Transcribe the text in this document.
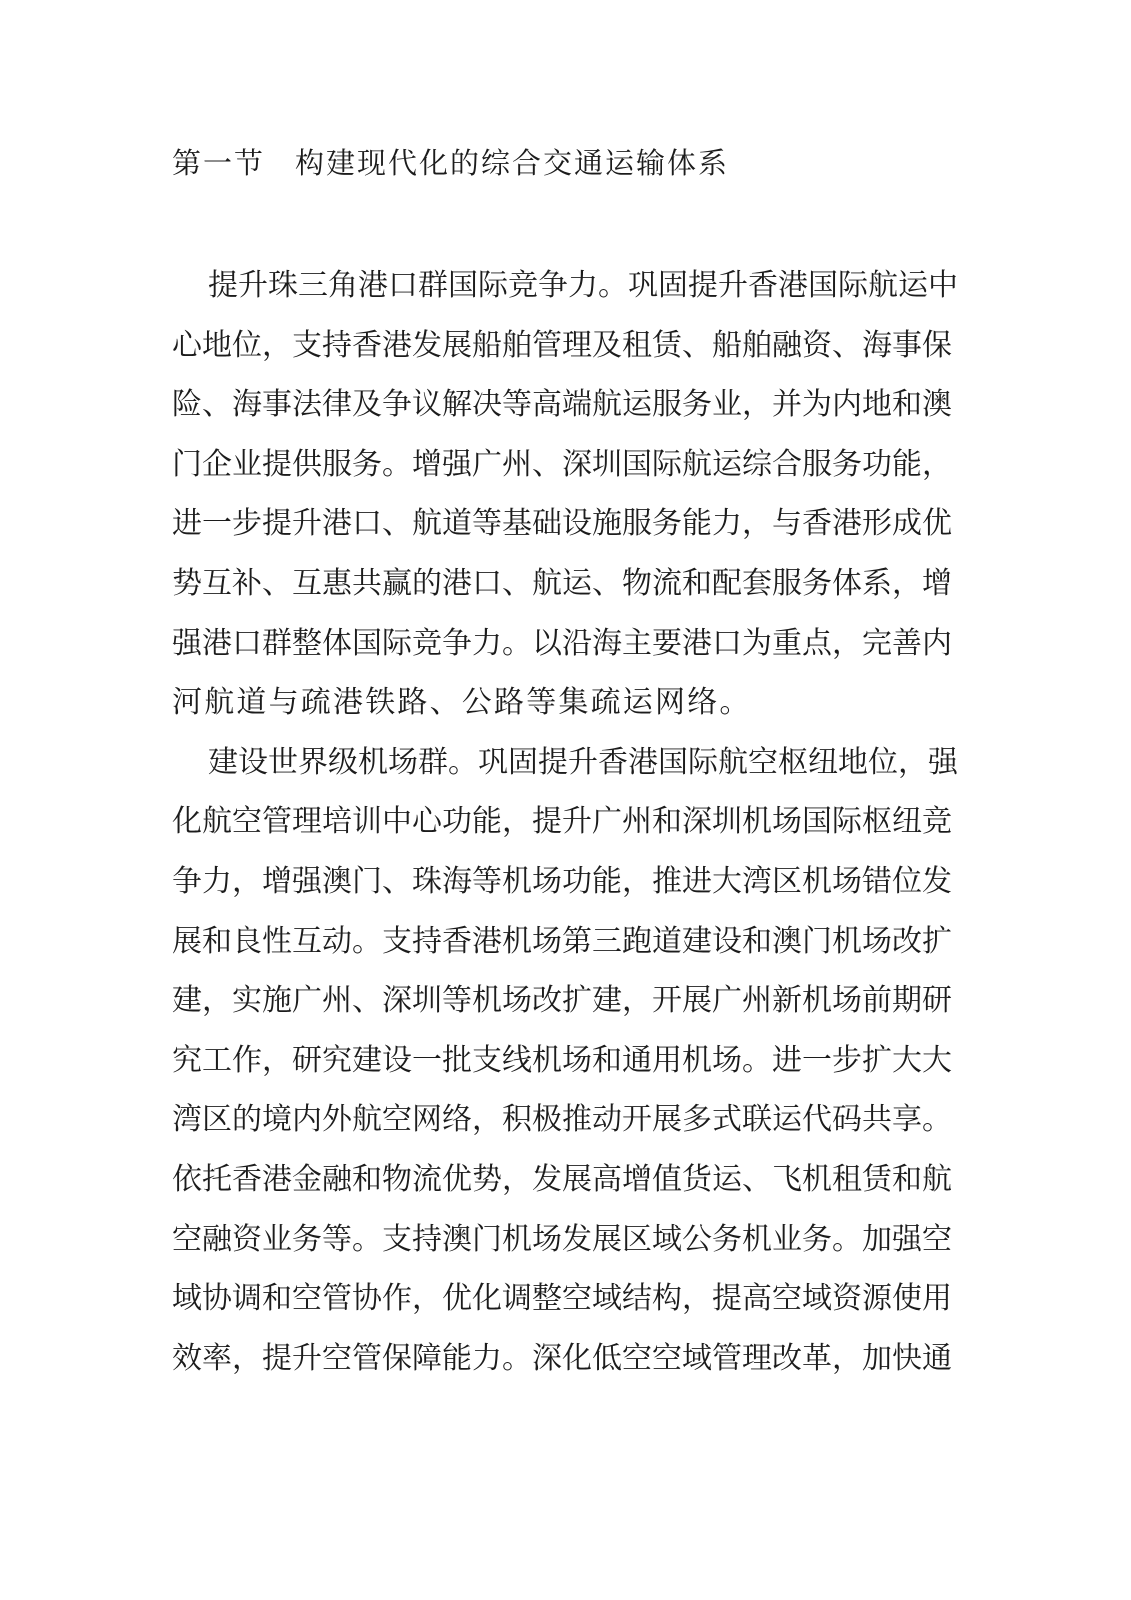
第一节 构建现代化的综合交通运输体系
提升珠三角港口群国际竞争力。巩固提升香港国际航运中
心地位，支持香港发展船舶管理及租赁、船舶融资、海事保
险、海事法律及争议解决等高端航运服务业，并为内地和澳
门企业提供服务。增强广州、深圳国际航运综合服务功能，
进一步提升港口、航道等基础设施服务能力，与香港形成优
势互补、互惠共赢的港口、航运、物流和配套服务体系，增
强港口群整体国际竞争力。以沿海主要港口为重点，完善内
河航道与疏港铁路、公路等集疏运网络。
建设世界级机场群。巩固提升香港国际航空枢纽地位，强
化航空管理培训中心功能，提升广州和深圳机场国际枢纽竞
争力，增强澳门、珠海等机场功能，推进大湾区机场错位发
展和良性互动。支持香港机场第三跑道建设和澳门机场改扩
建，实施广州、深圳等机场改扩建，开展广州新机场前期研
究工作，研究建设一批支线机场和通用机场。进一步扩大大
湾区的境内外航空网络，积极推动开展多式联运代码共享。
依托香港金融和物流优势，发展高增值货运、飞机租赁和航
空融资业务等。支持澳门机场发展区域公务机业务。加强空
域协调和空管协作，优化调整空域结构，提高空域资源使用
效率，提升空管保障能力。深化低空空域管理改革，加快通
